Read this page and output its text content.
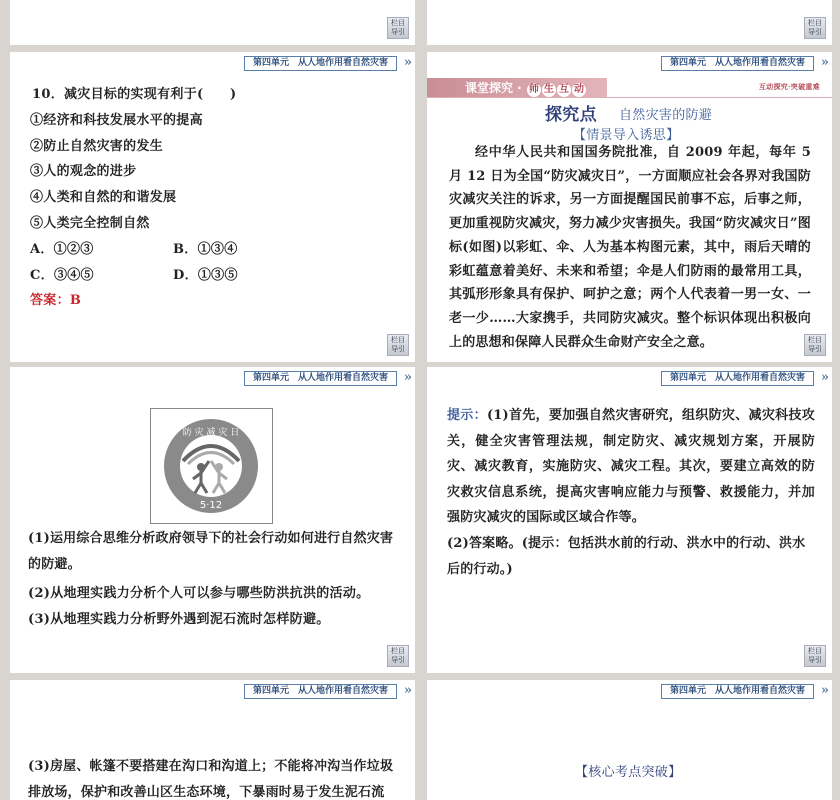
栏目
导引
栏目
导引
第四单元　从人地作用看自然灾害	»
10．减灾目标的实现有利于(　　)
①经济和科技发展水平的提高
②防止自然灾害的发生
③人的观念的进步
④人类和自然的和谐发展
⑤人类完全控制自然
A．①②③	B．①③④
C．③④⑤	D．①③⑤
答案：B
栏目
导引
第四单元　从人地作用看自然灾害	»
课堂探究 · 师 生 互 动	互动探究·突破重难
探究点 自然灾害的防避
【情景导入诱思】
经中华人民共和国国务院批准，自 2009 年起，每年 5 月 12 日为全国“防灾减灾日”，一方面顺应社会各界对我国防灾减灾关注的诉求，另一方面提醒国民前事不忘，后事之师，更加重视防灾减灾，努力减少灾害损失。我国“防灾减灾日”图标(如图)以彩虹、伞、人为基本构图元素，其中，雨后天晴的彩虹蕴意着美好、未来和希望；伞是人们防雨的最常用工具，其弧形形象具有保护、呵护之意；两个人代表着一男一女、一老一少……大家携手，共同防灾减灾。整个标识体现出积极向上的思想和保障人民群众生命财产安全之意。	栏目
导引
第四单元　从人地作用看自然灾害	»
防 灾 减 灾 日
5·12
(1)运用综合思维分析政府领导下的社会行动如何进行自然灾害的防避。
(2)从地理实践力分析个人可以参与哪些防洪抗洪的活动。
(3)从地理实践力分析野外遇到泥石流时怎样防避。
栏目
导引
第四单元　从人地作用看自然灾害	»
提示：(1)首先，要加强自然灾害研究，组织防灾、减灾科技攻关，健全灾害管理法规，制定防灾、减灾规划方案，开展防灾、减灾教育，实施防灾、减灾工程。其次，要建立高效的防灾救灾信息系统，提高灾害响应能力与预警、救援能力，并加强防灾减灾的国际或区域合作等。
(2)答案略。(提示：包括洪水前的行动、洪水中的行动、洪水后的行动。)
栏目
导引
第四单元　从人地作用看自然灾害	»
(3)房屋、帐篷不要搭建在沟口和沟道上；不能将冲沟当作垃圾排放场，保护和改善山区生态环境，下暴雨时易于发生泥石流
第四单元　从人地作用看自然灾害	»
【核心考点突破】
